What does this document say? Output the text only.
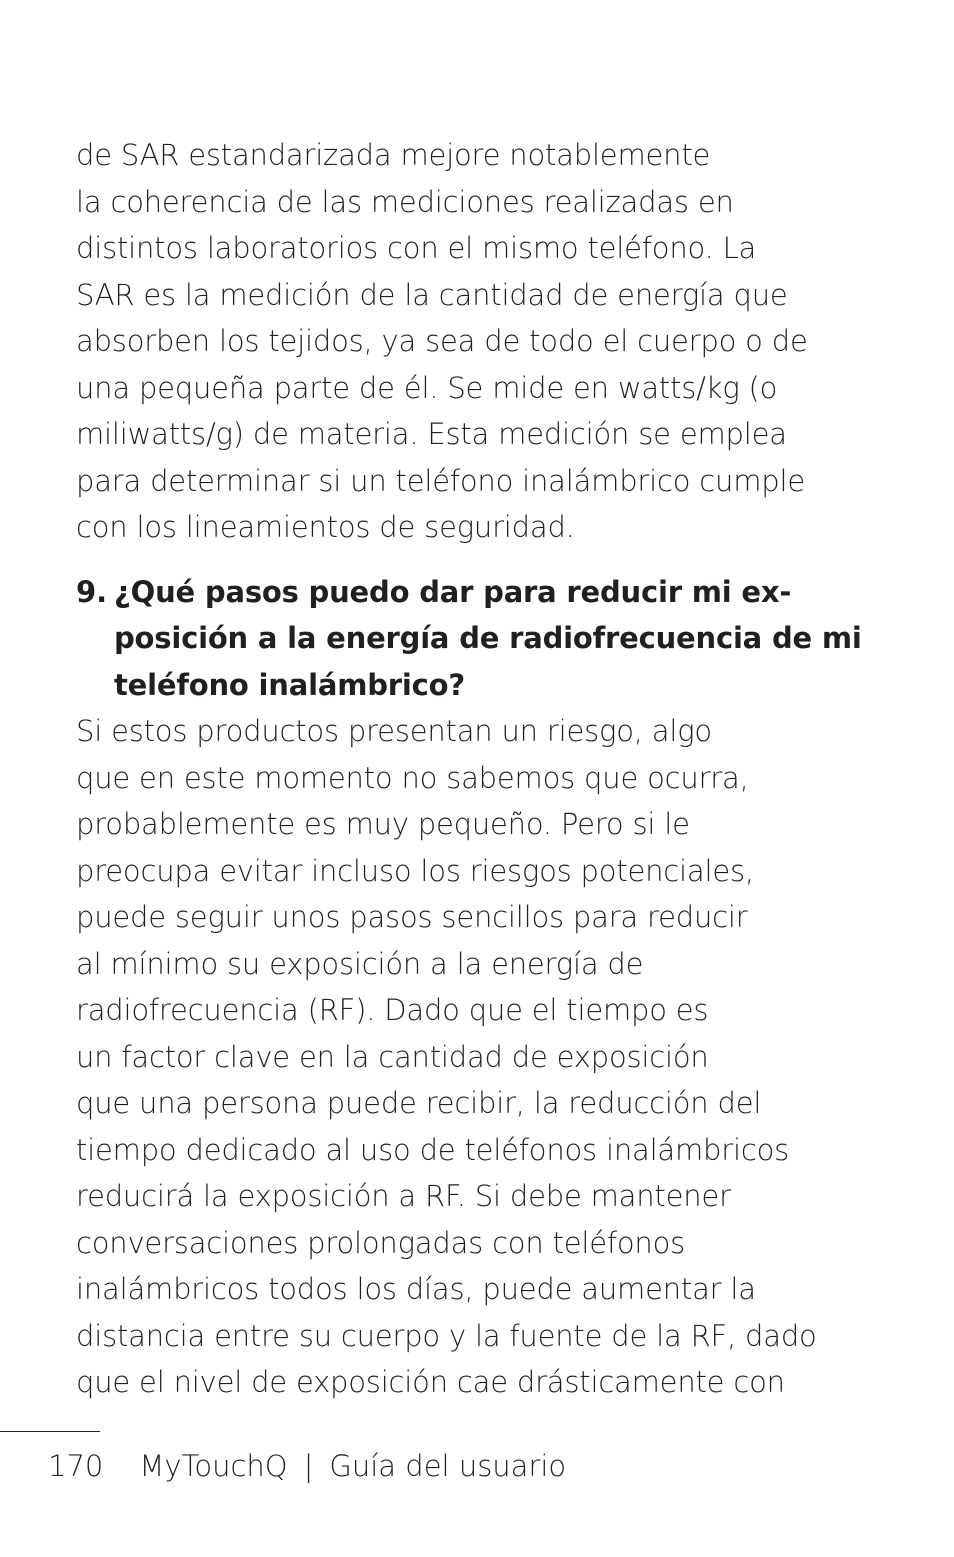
de SAR estandarizada mejore notablemente
la coherencia de las mediciones realizadas en
distintos laboratorios con el mismo teléfono. La
SAR es la medición de la cantidad de energía que
absorben los tejidos, ya sea de todo el cuerpo o de
una pequeña parte de él. Se mide en watts/kg (o
miliwatts/g) de materia. Esta medición se emplea
para determinar si un teléfono inalámbrico cumple
con los lineamientos de seguridad.
9. ¿Qué pasos puedo dar para reducir mi ex-
posición a la energía de radiofrecuencia de mi
teléfono inalámbrico?
Si estos productos presentan un riesgo, algo
que en este momento no sabemos que ocurra,
probablemente es muy pequeño. Pero si le
preocupa evitar incluso los riesgos potenciales,
puede seguir unos pasos sencillos para reducir
al mínimo su exposición a la energía de
radiofrecuencia (RF). Dado que el tiempo es
un factor clave en la cantidad de exposición
que una persona puede recibir, la reducción del
tiempo dedicado al uso de teléfonos inalámbricos
reducirá la exposición a RF. Si debe mantener
conversaciones prolongadas con teléfonos
inalámbricos todos los días, puede aumentar la
distancia entre su cuerpo y la fuente de la RF, dado
que el nivel de exposición cae drásticamente con
170 MyTouchQ | Guía del usuario
